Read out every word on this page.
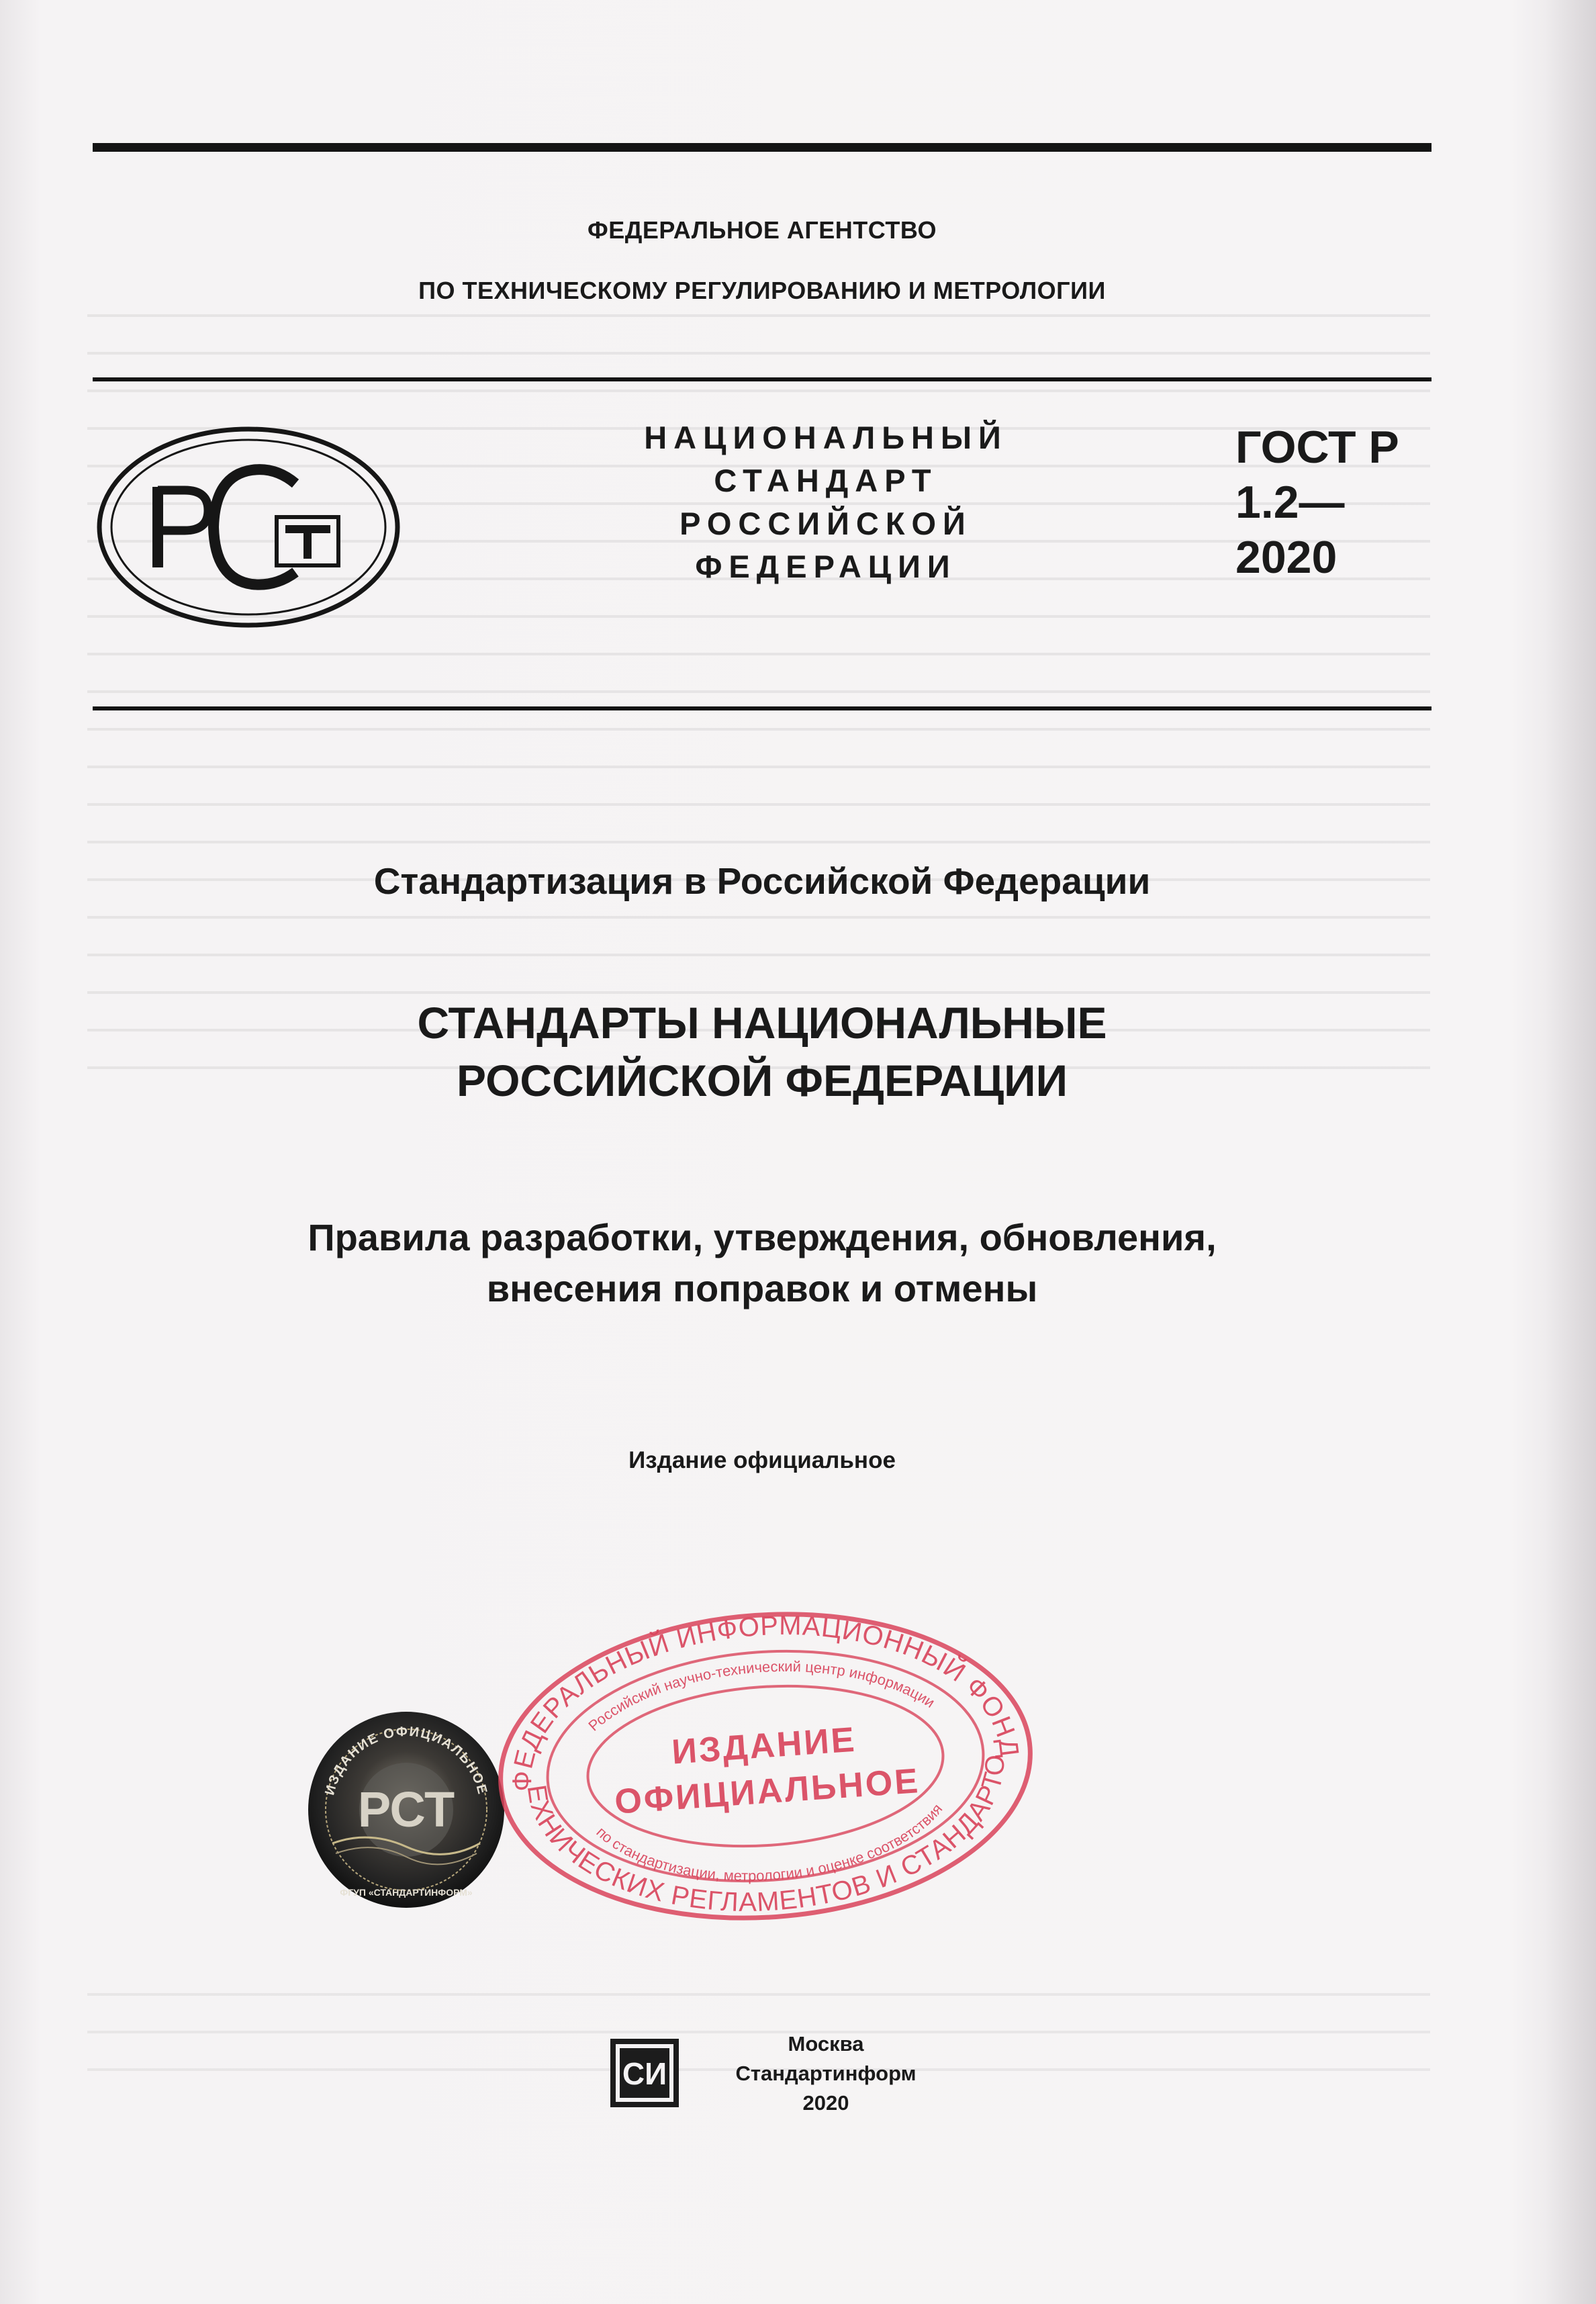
ФЕДЕРАЛЬНОЕ АГЕНТСТВО
ПО ТЕХНИЧЕСКОМУ РЕГУЛИРОВАНИЮ И МЕТРОЛОГИИ
НАЦИОНАЛЬНЫЙ
СТАНДАРТ
РОССИЙСКОЙ
ФЕДЕРАЦИИ
ГОСТ Р
1.2—
2020
Стандартизация в Российской Федерации
СТАНДАРТЫ НАЦИОНАЛЬНЫЕ
РОССИЙСКОЙ ФЕДЕРАЦИИ
Правила разработки, утверждения, обновления,
внесения поправок и отмены
Издание официальное
ИЗДАНИЕ ОФИЦИАЛЬНОЕ
РСТ
ФГУП «СТАНДАРТИНФОРМ»
ФЕДЕРАЛЬНЫЙ ИНФОРМАЦИОННЫЙ ФОНД
Российский научно-технический центр информации
ИЗДАНИЕ
ОФИЦИАЛЬНОЕ
по стандартизации, метрологии и оценке соответствия
ТЕХНИЧЕСКИХ РЕГЛАМЕНТОВ И СТАНДАРТОВ
СИ
Москва
Стандартинформ
2020
